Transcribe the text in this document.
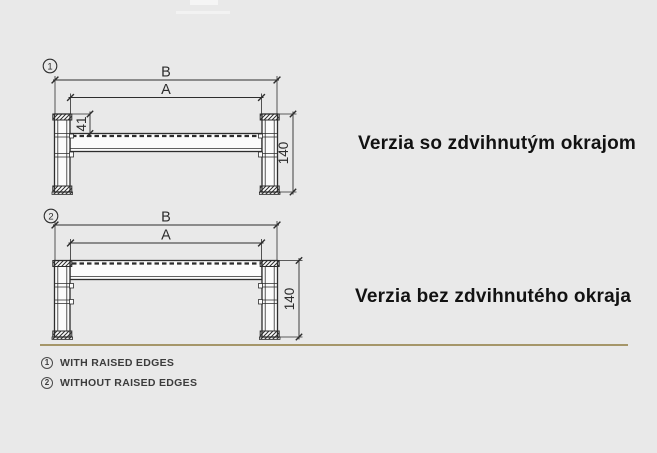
1	B
A
41
140
2	B
A
140
Verzia so zdvihnutým okrajom
Verzia bez zdvihnutého okraja
1	WITH RAISED EDGES
2	WITHOUT RAISED EDGES
